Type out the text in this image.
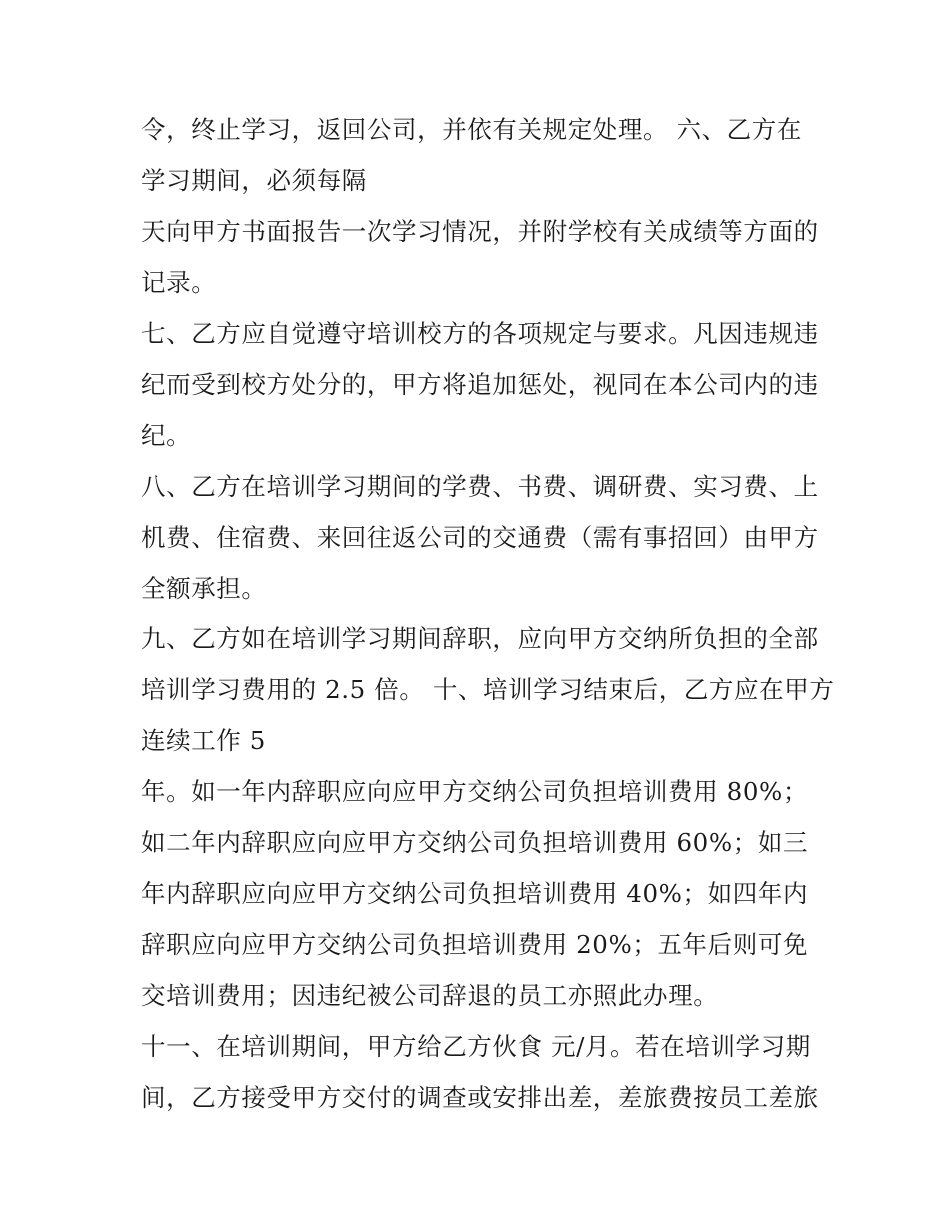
令，终止学习，返回公司，并依有关规定处理。 六、乙方在
学习期间，必须每隔
天向甲方书面报告一次学习情况，并附学校有关成绩等方面的
记录。
七、乙方应自觉遵守培训校方的各项规定与要求。凡因违规违
纪而受到校方处分的，甲方将追加惩处，视同在本公司内的违
纪。
八、乙方在培训学习期间的学费、书费、调研费、实习费、上
机费、住宿费、来回往返公司的交通费（需有事招回）由甲方
全额承担。
九、乙方如在培训学习期间辞职，应向甲方交纳所负担的全部
培训学习费用的 2.5 倍。 十、培训学习结束后，乙方应在甲方
连续工作 5
年。如一年内辞职应向应甲方交纳公司负担培训费用 80%；
如二年内辞职应向应甲方交纳公司负担培训费用 60%；如三
年内辞职应向应甲方交纳公司负担培训费用 40%；如四年内
辞职应向应甲方交纳公司负担培训费用 20%；五年后则可免
交培训费用；因违纪被公司辞退的员工亦照此办理。
十一、在培训期间，甲方给乙方伙食 元/月。若在培训学习期
间，乙方接受甲方交付的调查或安排出差，差旅费按员工差旅
